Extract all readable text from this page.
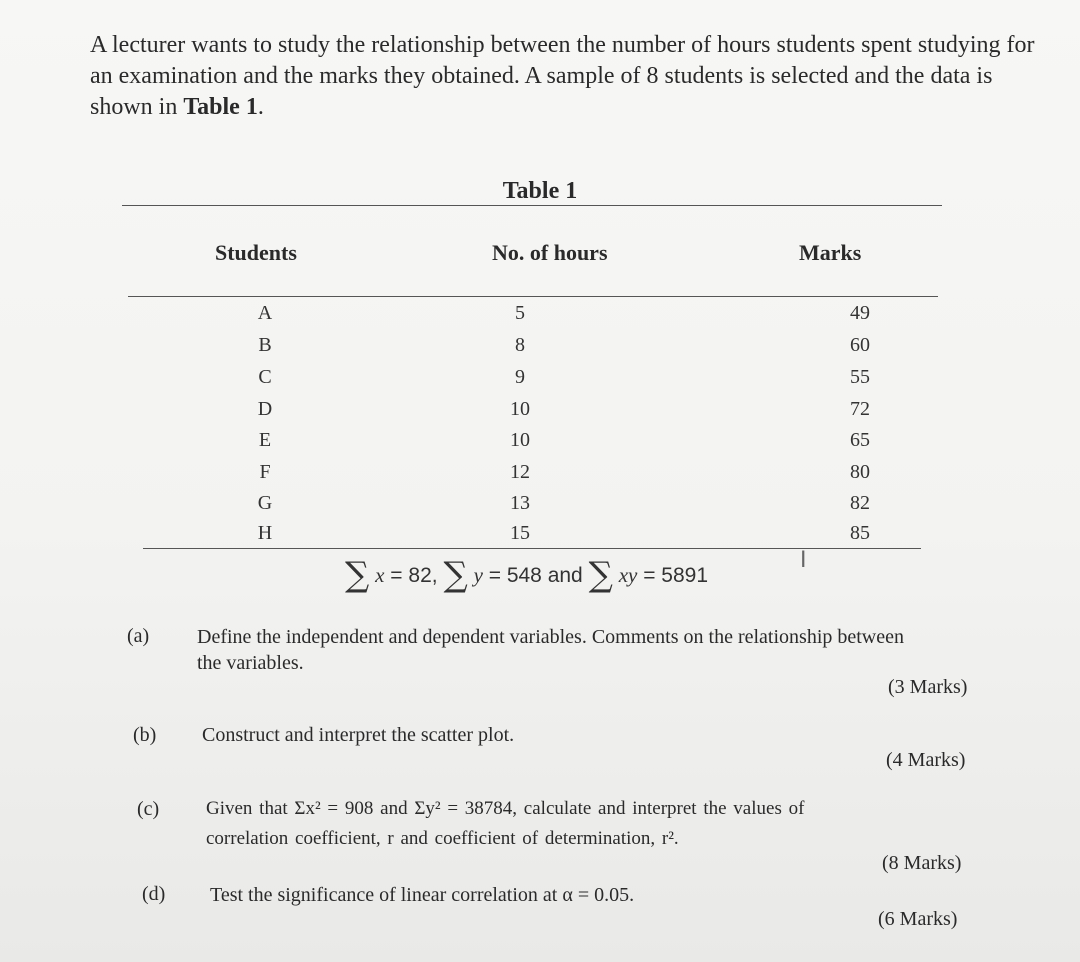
A lecturer wants to study the relationship between the number of hours students spent studying for an examination and the marks they obtained. A sample of 8 students is selected and the data is shown in Table 1.
Table 1
Students	No. of hours	Marks
A	5	49
B	8	60
C	9	55
D	10	72
E	10	65
F	12	80
G	13	82
H	15	85
∑ x = 82, ∑ y = 548 and ∑ xy = 5891
I
(a) Define the independent and dependent variables. Comments on the relationship between
the variables.
(3 Marks)
(b) Construct and interpret the scatter plot.
(4 Marks)
(c) Given that Σx² = 908 and Σy² = 38784, calculate and interpret the values of
correlation coefficient, r and coefficient of determination, r².
(8 Marks)
(d) Test the significance of linear correlation at α = 0.05.
(6 Marks)
